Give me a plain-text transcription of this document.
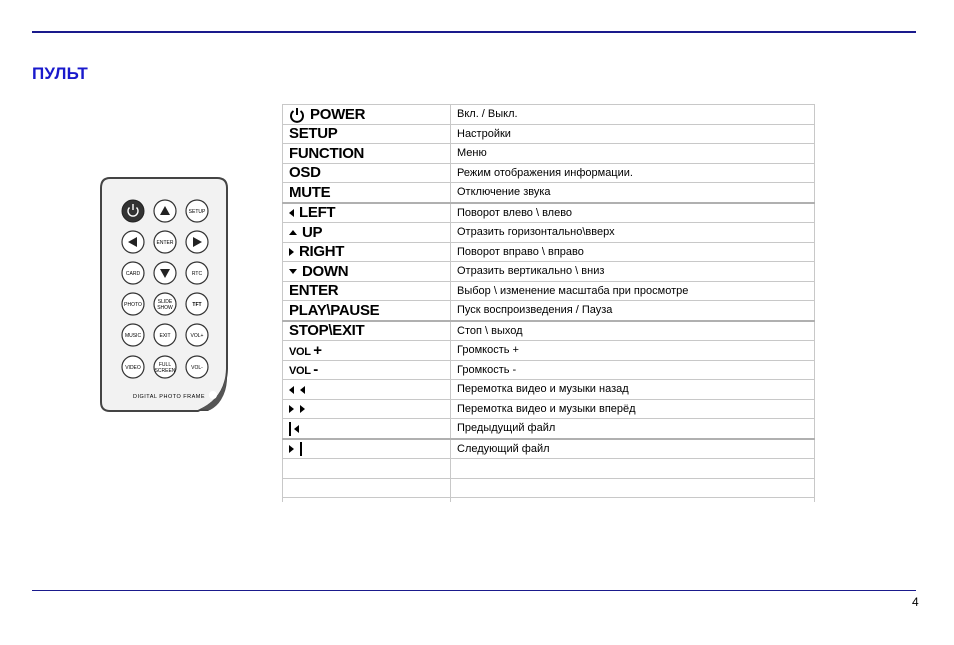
ПУЛЬТ
SETUP
ENTER
CARD	RTC
PHOTO	SLIDE
SHOW	TFT
MUSIC	EXIT	VOL+
VIDEO	FULL
SCREEN	VOL-
DIGITAL PHOTO FRAME
POWER	Вкл. / Выкл.
SETUP	Настройки
FUNCTION	Меню
OSD	Режим отображения информации.
MUTE	Отключение звука
LEFT	Поворот влево \ влево
UP	Отразить горизонтально\вверх
RIGHT	Поворот вправо \ вправо
DOWN	Отразить вертикально \ вниз
ENTER	Выбор \ изменение масштаба при просмотре
PLAY\PAUSE	Пуск воспроизведения / Пауза
STOP\EXIT	Стоп \ выход
VOL +	Громкость +
VOL -	Громкость -
	Перемотка видео и музыки назад
	Перемотка видео и музыки вперёд
	Предыдущий файл
	Следующий файл

4
